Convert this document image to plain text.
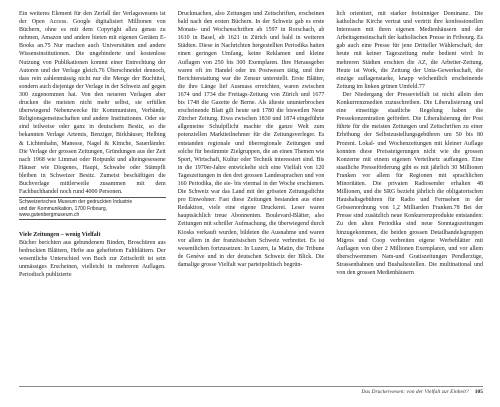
Ein weiteres Element für den Zerfall der Verlagswesens ist der Open Access. Google digitalisiert Millionen von Büchern, ohne es mit dem Copyright allzu genau zu nehmen, Amazon und andere bieten mit eigenen Geräten E-Books an.75 Nur machen auch Universitäten und andere Wissensinstitutionen. Die ungehinderte und kostenlose Nutzung von Publikationen kommt einer Entrechtung der Autoren und der Verlage gleich.76 Überschneidet dennoch, dass rein zahlenmässig nicht nur die Menge der Buchtitel, sondern auch diejenige der Verlage in der Schweiz auf gegen 300 zugenommen hat. Von den neueren Verlagen aber drucken die meisten nicht mehr selbst, sie erfüllen überwiegend Nebenzwecke für Kommunisten, Verbände, Religionsgemeinschaften und andere Institutionen. Oder sie sind teilweise oder ganz in deutschem Besitz, so die bekannten Verlage Artemis, Benziger, Birkhäuser, Helbing & Lichtenhahn, Manesse, Nagel & Kimche, Sauerländer. Die Verlage der grossen Zeitungen, Gründungen aus der Zeit nach 1968 wie Limmat oder Rotpunkt und alteingesessene Häuser wie Diogenes, Haupt, Schwabe oder Stämpfli bleiben in Schweizer Besitz. Zumeist beschäftigen die Buchverlage mittlerweile zusammen mit dem Fachbuchhandel noch rund 4000 Personen.

Schweizerisches Museum der gedruckten Industrie
und der Kommunikation, 1700 Fribourg,
www.gutenbergmuseum.ch

Viele Zeitungen – wenig Vielfalt

Bücher berichten aus gebundenem Binden, Broschüren aus bedruckten Blättern, Hefte aus geheftetem Faltblättern. Der wesentliche Unterschied von Buch zur Zeitschrift ist sein unmässiges Erscheinen, vielleicht in mehreren Auflagen. Periodisch publizierte

Druckmachen, also Zeitungen und Zeitschriften, erscheinen bald nach den ersten Büchern. In der Schweiz gab es erste Monats- und Wochenschriften ab 1597 in Rorschach, ab 1610 in Basel, ab 1621 in Zürich und bald in weiteren Städten. Diese in Nachrichten hergestellten Periodika hatten einen geringen Umfang, keine Reklamen und kleine Auflagen von 250 bis 300 Exemplaren. Ihre Herausgeber waren oft im Handel oder im Postwesen tätig, und ihre Berichterstattung war die Zensur unterstellt. Erste Blätter, die ihre Länge lief Ausmass erreichten, waren zwischen 1674 und 1734 die Freitags-Zeitung von Zürich und 1677 bis 1748 die Gazette de Berne. Als älteste ununterbrochen erscheinende Blatt gilt heute seit 1780 die bisweilen Neue Zürcher Zeitung. Etwa zwischen 1830 und 1874 eingeführte allgemeine Schulpflicht machte die ganze Welt zum potenziellen Marktteilnehmer für die Zeitungsverleger. Es entstanden regionale und überregionale Zeitungen und solche für bestimmte Zielgruppen, die an einen Themen wie Sport, Wirtschaft, Kultur oder Technik interessiert sind. Bis in die 1970er-Jahre entwickelte sich eine Vielfalt von 120 Tageszeitungen in den drei grossen Landessprachen und von 160 Periodika, die sie- bis viermal in der Woche erschienen. Die Schweiz war das Land mit der grössten Zeitungsdichte pro Einwohner. Fast diese Zeitungen bestanden aus einer Redaktion, viele eine eigene Druckerei. Leser waren hauptsächlich treue Abonnenten. Boulevard-Blätter, also Zeitungen mit schriller Aufmachung, die überwiegend durch Kiosks verkauft wurden, bildeten die Ausnahme und waren vor allem in der französischen Schweiz verbreitet. Es ist wesentlichen fortzusetzen: In Luzern, Ia Matin, die Tribune de Genève und in der deutschen Schweiz der Blick. Die damalige grosse Vielfalt war parteipolitisch begrün-

lich orientiert, mit starker freisinniger Dominanz. Die katholische Kirche vertrat und vertritt ihre konfessionellen Interessen mit ihren eigenen Medienhäusern und der Arbeitsgemeinschaft der katholischen Presse in Fribourg. Es gab auch eine Presse für jene Dritteller Wählerschaft, der heute mit keiner Tageszeitung mehr bedient wird: In mehreren Städten erschien die AZ, die Arbeiter-Zeitung. Heute ist Work, die Zeitung der Unia-Gewerkschaft, die einzige auflagenstarke, knapp wöchentlich erscheinende Zeitung im linken grünen Umfeld.77

Der Niedergang der Pressevielfalt ist nicht allein den Konkurrenzmedien zuzuschreiben. Die Liberalisierung und eine einseitige staatliche Regelung haben die Pressekonzentration gefördert. Die Liberalisierung der Post führte für die meisten Zeitungen und Zeitschriften zu einer Erhöhung der Selbstzustellungsgebühren um 50 bis 80 Prozent. Lokal- und Wochenzeitungen mit kleiner Auflage konnten diese Preissteigerungen nicht wie die grossen Konzerne mit einem eigenen Verteilnetz auffangen. Eine staatliche Presseförderung gibt es mit jährlich 30 Millionen Franken vor allem für Regionen mit sprachlichen Minoritäten. Die privaten Radiosender erhalten 48 Millionen, und die SRG bezieht jährlich die obligatorischen Haushaltsgebühren für Radio und Fernsehen in der Grössenordnung von 1,2 Milliarden Franken.78 Bei der Presse sind zusätzlich neue Konkurrenzprodukte entstanden: Zu den alten Periodika sind neue Sonntagszeitungen hinzugekommen, die beiden grossen Detailhandelsgruppen Migros und Coop verbreiten eigene Werbeblätter mit Auflagen von über 2 Millionen Exemplaren, und vor allem überschwemmen Nam-und Gratiszeitungen Pendlerzüge, Strassenbahnen und Bushaltestellen. Die multinational und von den grossen Medienhäusern

Das Druckerwesen: von der Vielfalt zur Einheit? 105
